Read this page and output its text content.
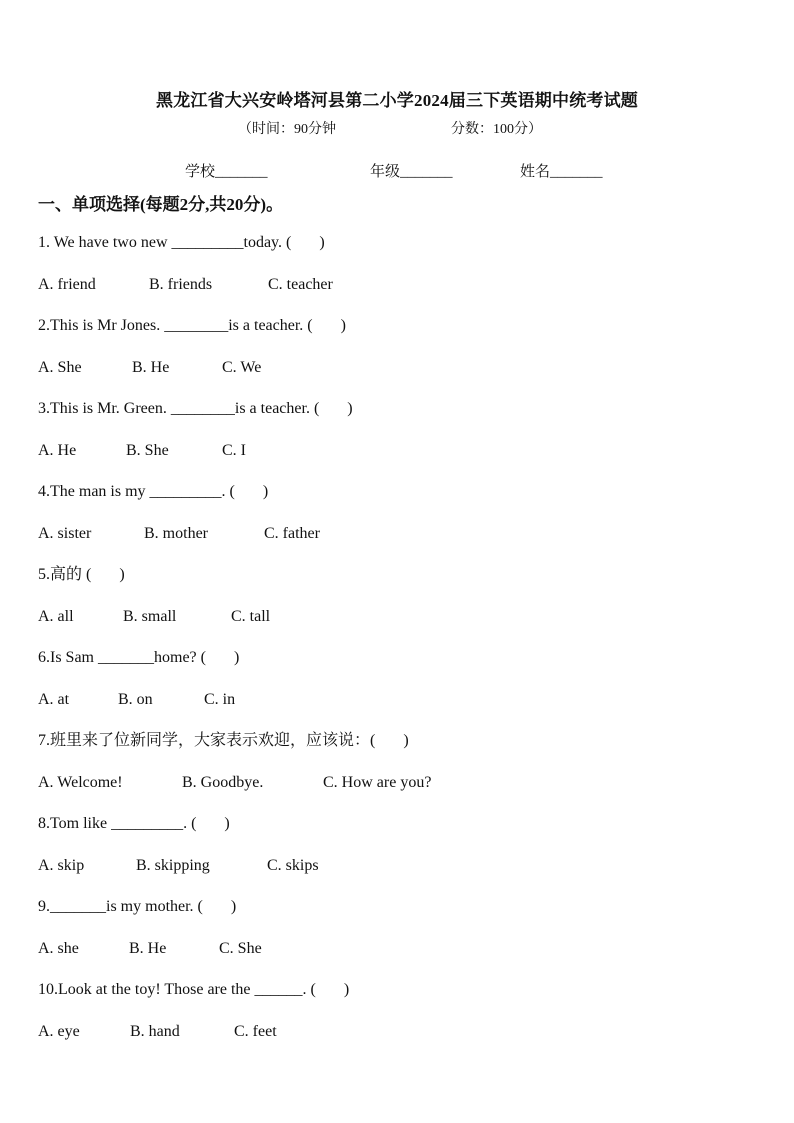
黑龙江省大兴安岭塔河县第二小学2024届三下英语期中统考试题
（时间：90分钟	分数：100分）
学校_______	年级_______	姓名_______
一、单项选择(每题2分,共20分)。
1. We have two new _________today. (       )
A. friend	B. friends	C. teacher
2.This is Mr Jones. ________is a teacher. (       )
A. She	B. He	C. We
3.This is Mr. Green. ________is a teacher. (       )
A. He	B. She	C. I
4.The man is my _________. (       )
A. sister	B. mother	C. father
5.高的 (       )
A. all	B. small	C. tall
6.Is Sam _______home? (       )
A. at	B. on	C. in
7.班里来了位新同学，大家表示欢迎，应该说：(       )
A. Welcome!	B. Goodbye.	C. How are you?
8.Tom like _________. (       )
A. skip	B. skipping	C. skips
9._______is my mother. (       )
A. she	B. He	C. She
10.Look at the toy! Those are the ______. (       )
A. eye	B. hand	C. feet
